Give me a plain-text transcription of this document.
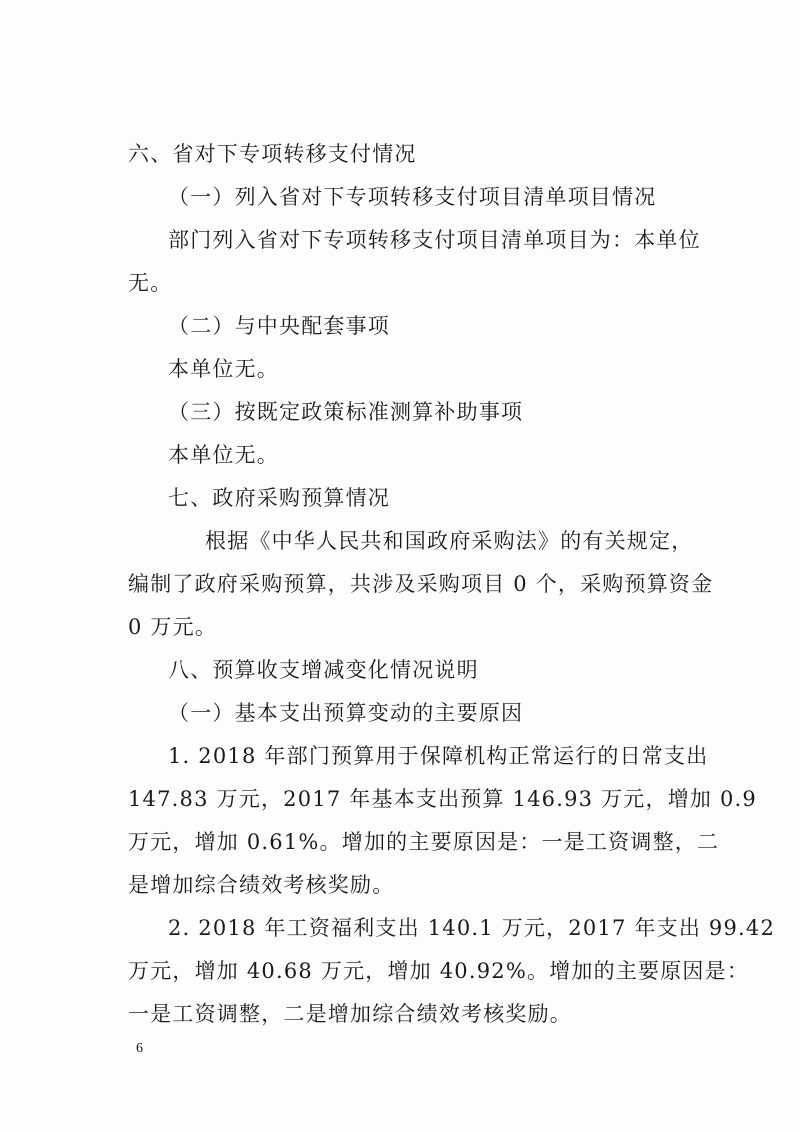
六、省对下专项转移支付情况
（一）列入省对下专项转移支付项目清单项目情况
部门列入省对下专项转移支付项目清单项目为：本单位
无。
（二）与中央配套事项
本单位无。
（三）按既定政策标准测算补助事项
本单位无。
七、政府采购预算情况
根据《中华人民共和国政府采购法》的有关规定，
编制了政府采购预算，共涉及采购项目 0 个，采购预算资金
0 万元。
八、预算收支增减变化情况说明
（一）基本支出预算变动的主要原因
1. 2018 年部门预算用于保障机构正常运行的日常支出
147.83 万元，2017 年基本支出预算 146.93 万元，增加 0.9
万元，增加 0.61%。增加的主要原因是：一是工资调整，二
是增加综合绩效考核奖励。
2. 2018 年工资福利支出 140.1 万元，2017 年支出 99.42
万元，增加 40.68 万元，增加 40.92%。增加的主要原因是：
一是工资调整，二是增加综合绩效考核奖励。
6
